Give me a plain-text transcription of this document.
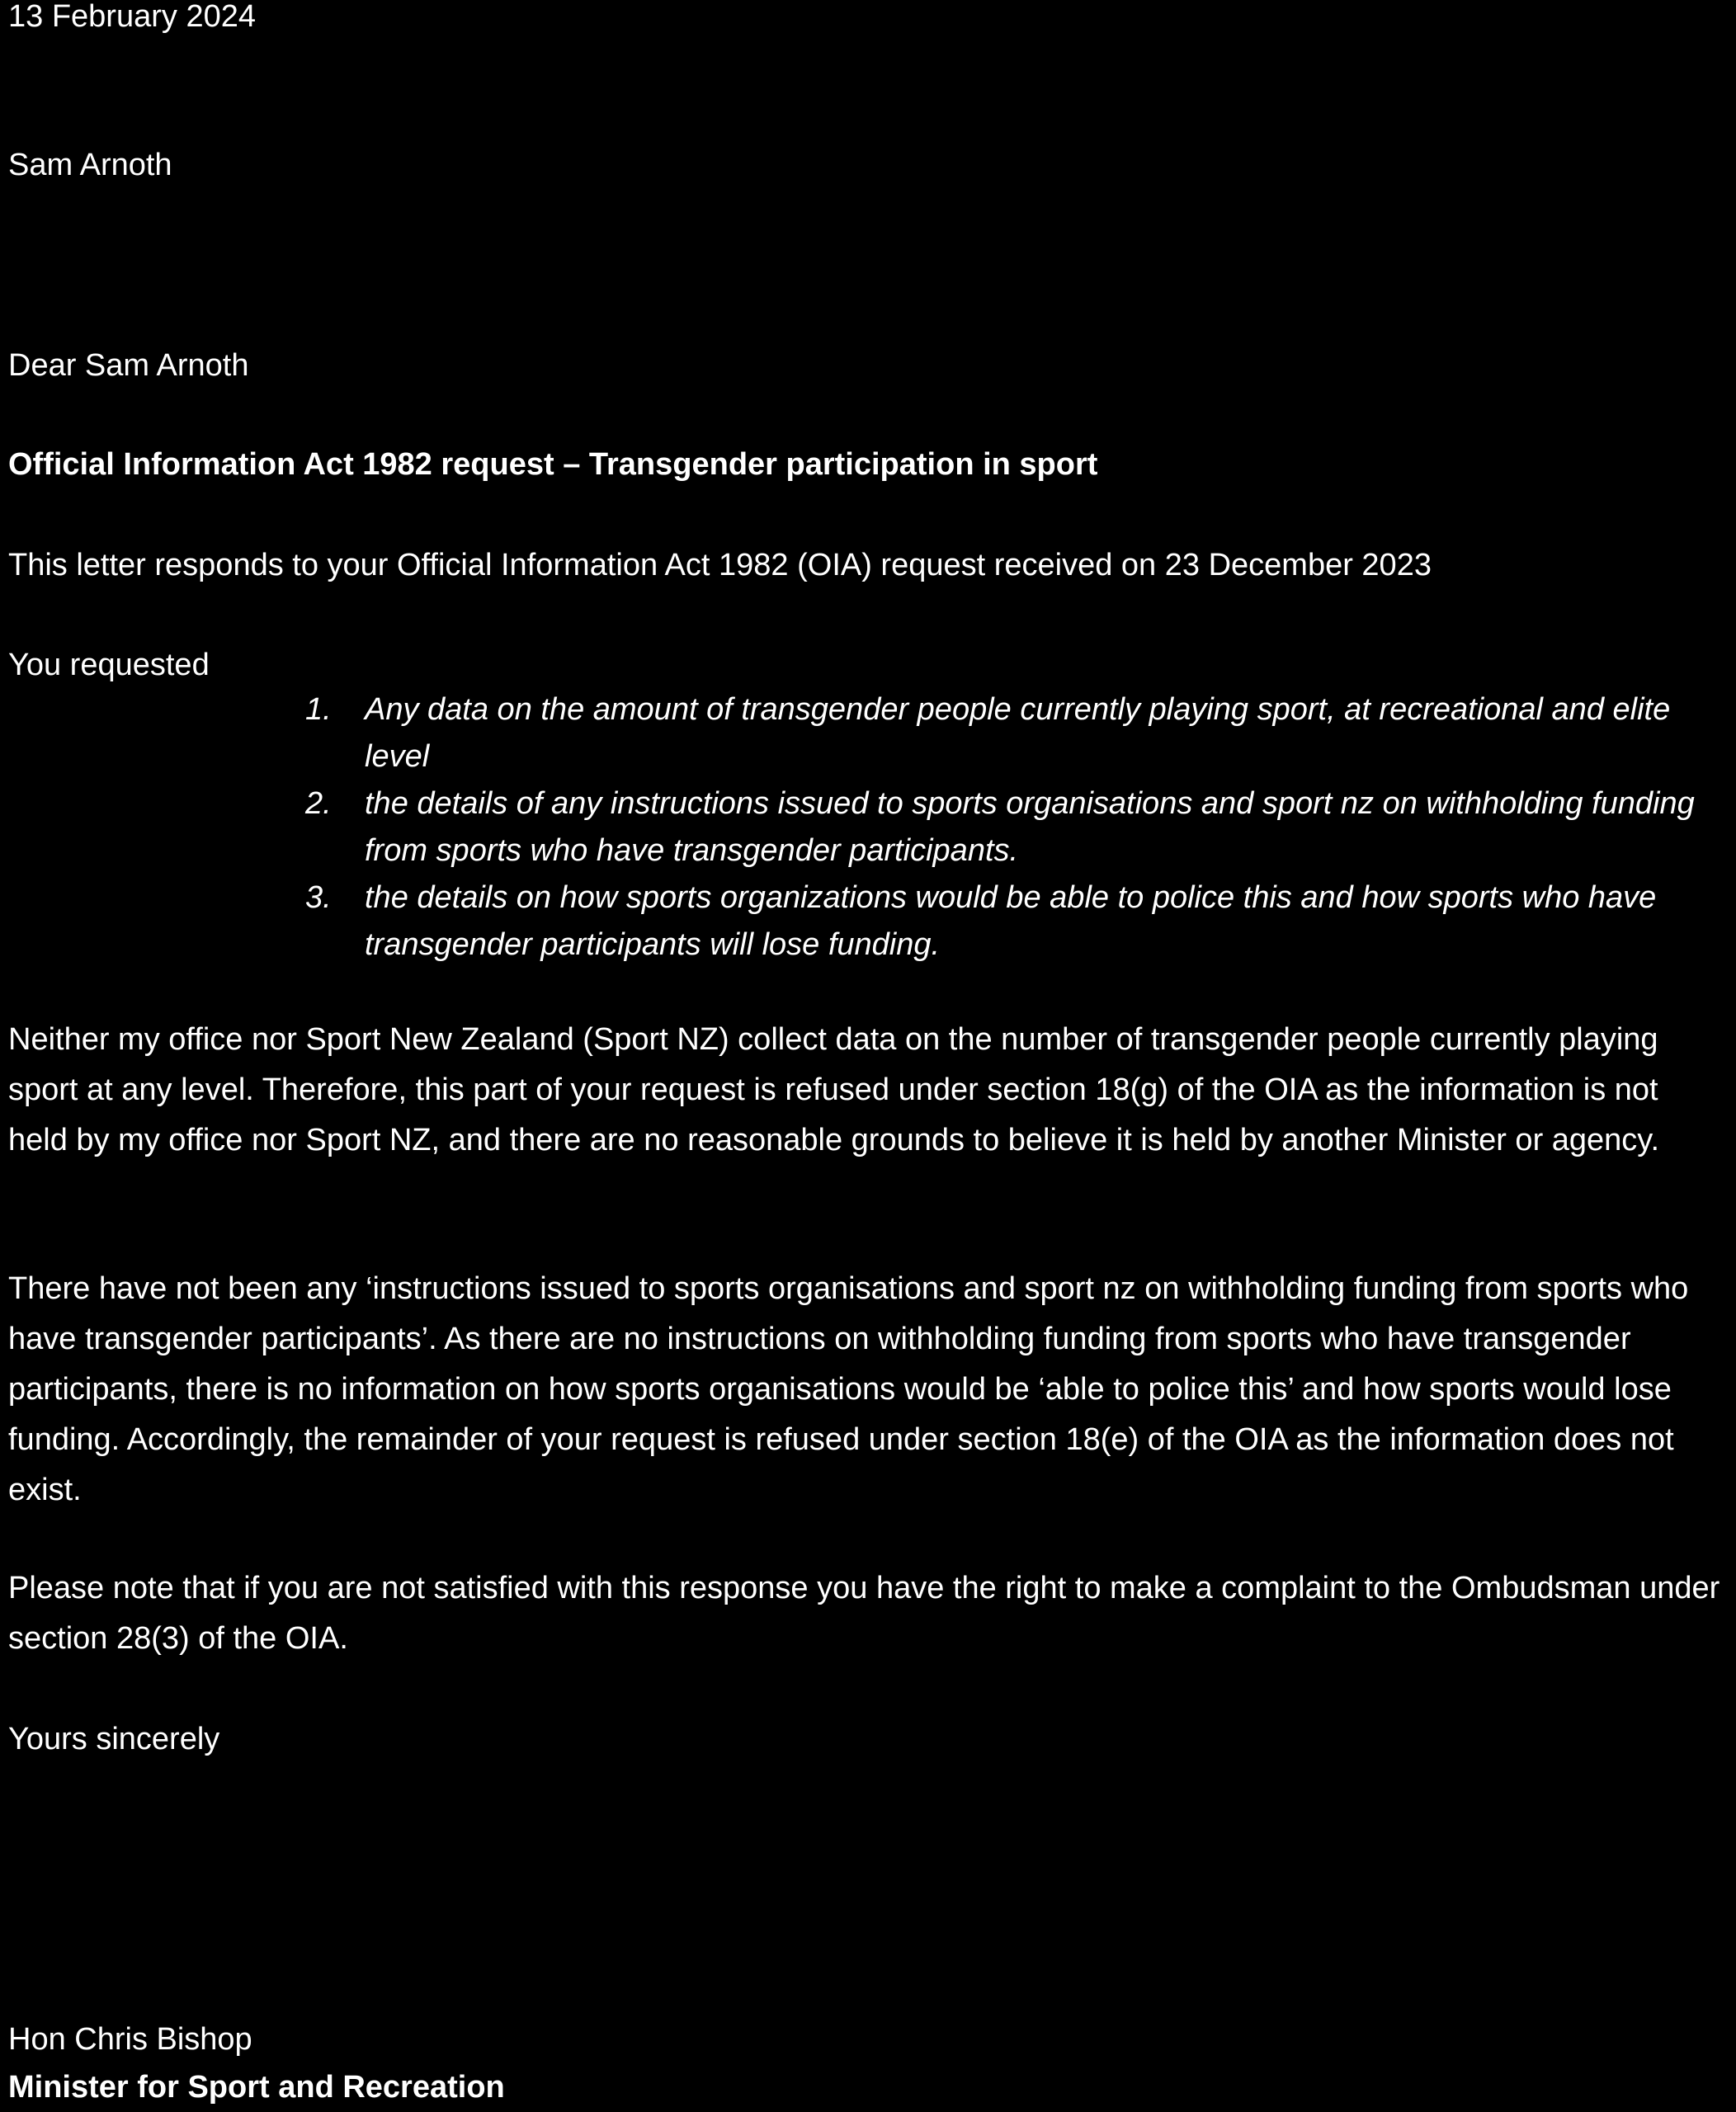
13 February 2024

Sam Arnoth

Dear Sam Arnoth

Official Information Act 1982 request – Transgender participation in sport

This letter responds to your Official Information Act 1982 (OIA) request received on 23 December 2023

You requested

1. Any data on the amount of transgender people currently playing sport, at recreational and elite level
2. the details of any instructions issued to sports organisations and sport nz on withholding funding from sports who have transgender participants.
3. the details on how sports organizations would be able to police this and how sports who have transgender participants will lose funding.

Neither my office nor Sport New Zealand (Sport NZ) collect data on the number of transgender people currently playing sport at any level. Therefore, this part of your request is refused under section 18(g) of the OIA as the information is not held by my office nor Sport NZ, and there are no reasonable grounds to believe it is held by another Minister or agency.

There have not been any ‘instructions issued to sports organisations and sport nz on withholding funding from sports who have transgender participants’. As there are no instructions on withholding funding from sports who have transgender participants, there is no information on how sports organisations would be ‘able to police this’ and how sports would lose funding. Accordingly, the remainder of your request is refused under section 18(e) of the OIA as the information does not exist.

Please note that if you are not satisfied with this response you have the right to make a complaint to the Ombudsman under section 28(3) of the OIA.

Yours sincerely

Hon Chris Bishop

Minister for Sport and Recreation
